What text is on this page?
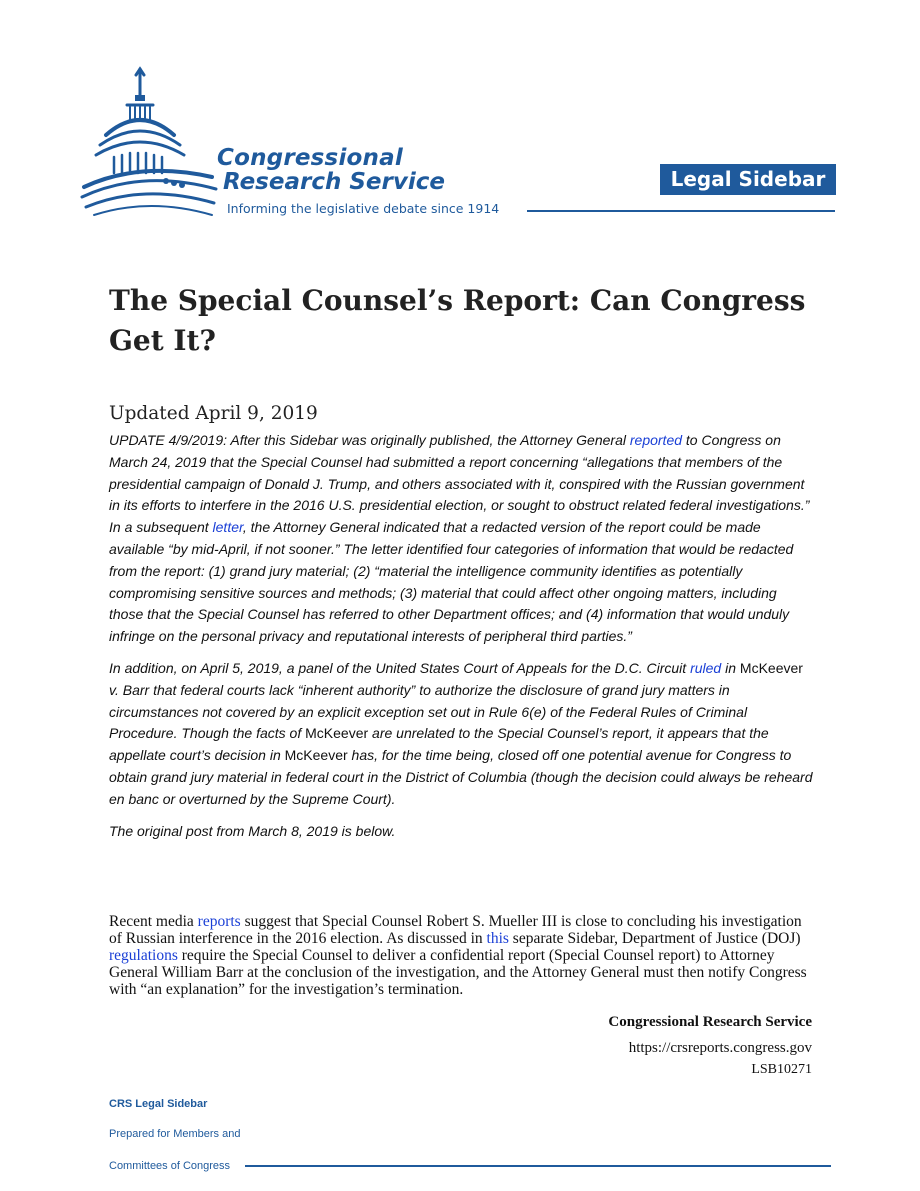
Congressional
Research Service
Informing the legislative debate since 1914
Legal Sidebar
The Special Counsel’s Report: Can Congress Get It?
Updated April 9, 2019

UPDATE 4/9/2019: After this Sidebar was originally published, the Attorney General reported to Congress on March 24, 2019 that the Special Counsel had submitted a report concerning “allegations that members of the presidential campaign of Donald J. Trump, and others associated with it, conspired with the Russian government in its efforts to interfere in the 2016 U.S. presidential election, or sought to obstruct related federal investigations.” In a subsequent letter, the Attorney General indicated that a redacted version of the report could be made available “by mid-April, if not sooner.” The letter identified four categories of information that would be redacted from the report: (1) grand jury material; (2) “material the intelligence community identifies as potentially compromising sensitive sources and methods; (3) material that could affect other ongoing matters, including those that the Special Counsel has referred to other Department offices; and (4) information that would unduly infringe on the personal privacy and reputational interests of peripheral third parties.”

In addition, on April 5, 2019, a panel of the United States Court of Appeals for the D.C. Circuit ruled in McKeever v. Barr that federal courts lack “inherent authority” to authorize the disclosure of grand jury matters in circumstances not covered by an explicit exception set out in Rule 6(e) of the Federal Rules of Criminal Procedure. Though the facts of McKeever are unrelated to the Special Counsel’s report, it appears that the appellate court’s decision in McKeever has, for the time being, closed off one potential avenue for Congress to obtain grand jury material in federal court in the District of Columbia (though the decision could always be reheard en banc or overturned by the Supreme Court).

The original post from March 8, 2019 is below.

Recent media reports suggest that Special Counsel Robert S. Mueller III is close to concluding his investigation of Russian interference in the 2016 election. As discussed in this separate Sidebar, Department of Justice (DOJ) regulations require the Special Counsel to deliver a confidential report (Special Counsel report) to Attorney General William Barr at the conclusion of the investigation, and the Attorney General must then notify Congress with “an explanation” for the investigation’s termination.

Congressional Research Service
https://crsreports.congress.gov
LSB10271
CRS Legal Sidebar
Prepared for Members and
Committees of Congress
